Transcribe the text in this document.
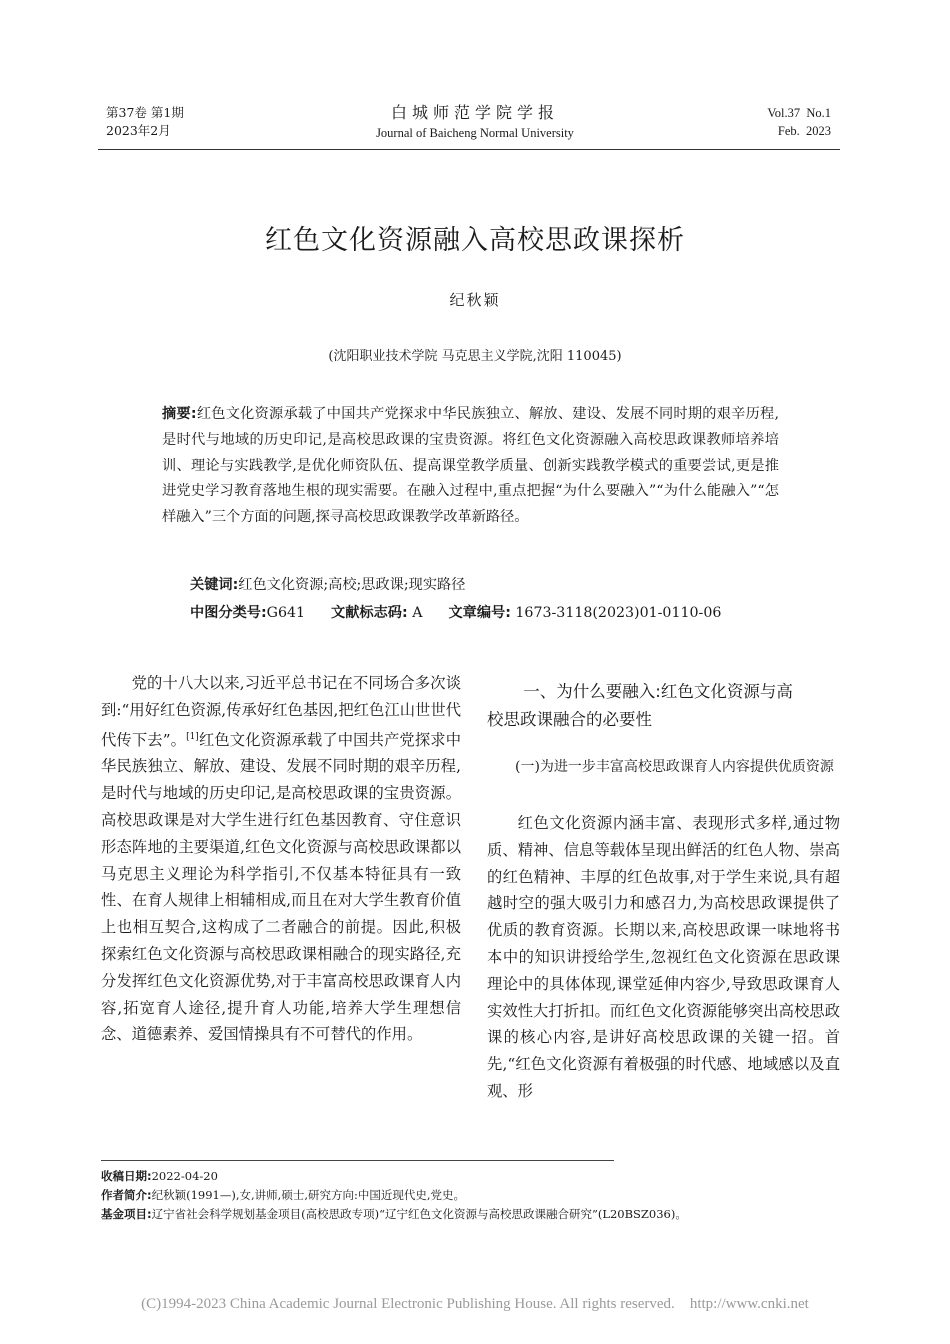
第37卷 第1期
2023年2月
白城师范学院学报
Journal of Baicheng Normal University
Vol.37  No.1
Feb.  2023
红色文化资源融入高校思政课探析
纪秋颖
(沈阳职业技术学院 马克思主义学院,沈阳 110045)
摘要:红色文化资源承载了中国共产党探求中华民族独立、解放、建设、发展不同时期的艰辛历程,是时代与地域的历史印记,是高校思政课的宝贵资源。将红色文化资源融入高校思政课教师培养培训、理论与实践教学,是优化师资队伍、提高课堂教学质量、创新实践教学模式的重要尝试,更是推进党史学习教育落地生根的现实需要。在融入过程中,重点把握“为什么要融入”“为什么能融入”“怎样融入”三个方面的问题,探寻高校思政课教学改革新路径。
关键词:红色文化资源;高校;思政课;现实路径
中图分类号:G641 文献标志码: A 文章编号: 1673-3118(2023)01-0110-06

党的十八大以来,习近平总书记在不同场合多次谈到:“用好红色资源,传承好红色基因,把红色江山世世代代传下去”。[1]红色文化资源承载了中国共产党探求中华民族独立、解放、建设、发展不同时期的艰辛历程,是时代与地域的历史印记,是高校思政课的宝贵资源。高校思政课是对大学生进行红色基因教育、守住意识形态阵地的主要渠道,红色文化资源与高校思政课都以马克思主义理论为科学指引,不仅基本特征具有一致性、在育人规律上相辅相成,而且在对大学生教育价值上也相互契合,这构成了二者融合的前提。因此,积极探索红色文化资源与高校思政课相融合的现实路径,充分发挥红色文化资源优势,对于丰富高校思政课育人内容,拓宽育人途径,提升育人功能,培养大学生理想信念、道德素养、爱国情操具有不可替代的作用。

一、为什么要融入:红色文化资源与高
校思政课融合的必要性
(一)为进一步丰富高校思政课育人内容提供优质资源

红色文化资源内涵丰富、表现形式多样,通过物质、精神、信息等载体呈现出鲜活的红色人物、崇高的红色精神、丰厚的红色故事,对于学生来说,具有超越时空的强大吸引力和感召力,为高校思政课提供了优质的教育资源。长期以来,高校思政课一味地将书本中的知识讲授给学生,忽视红色文化资源在思政课理论中的具体体现,课堂延伸内容少,导致思政课育人实效性大打折扣。而红色文化资源能够突出高校思政课的核心内容,是讲好高校思政课的关键一招。首先,“红色文化资源有着极强的时代感、地域感以及直观、形

收稿日期:2022-04-20
作者简介:纪秋颖(1991—),女,讲师,硕士,研究方向:中国近现代史,党史。
基金项目:辽宁省社会科学规划基金项目(高校思政专项)“辽宁红色文化资源与高校思政课融合研究”(L20BSZ036)。
(C)1994-2023 China Academic Journal Electronic Publishing House. All rights reserved. http://www.cnki.net
